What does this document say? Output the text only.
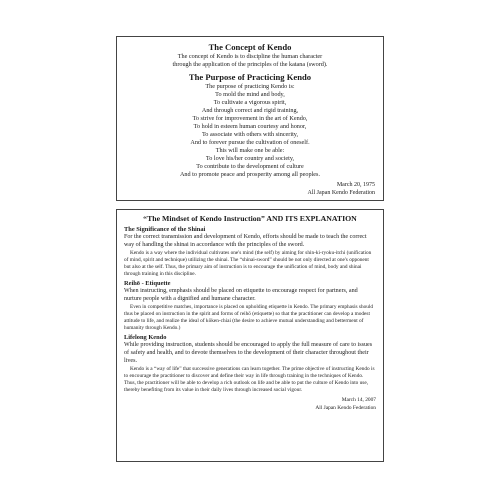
The Concept of Kendo

The concept of Kendo is to discipline the human character

through the application of the principles of the katana (sword).

The Purpose of Practicing Kendo

The purpose of practicing Kendo is:

To mold the mind and body,

To cultivate a vigorous spirit,

And through correct and rigid training,

To strive for improvement in the art of Kendo,

To hold in esteem human courtesy and honor,

To associate with others with sincerity,

And to forever pursue the cultivation of oneself.

This will make one be able:

To love his/her country and society,

To contribute to the development of culture

And to promote peace and prosperity among all peoples.

March 20, 1975

All Japan Kendo Federation

“The Mindset of Kendo Instruction” AND ITS EXPLANATION
The Significance of the Shinai

For the correct transmission and development of Kendo, efforts should be made to teach the correct way of handling the shinai in accordance with the principles of the sword.

Kendo is a way where the individual cultivates one's mind (the self) by aiming for shin-ki-ryoku-itchi (unification of mind, spirit and technique) utilizing the shinai. The “shinai-sword” should be not only directed at one's opponent but also at the self. Thus, the primary aim of instruction is to encourage the unification of mind, body and shinai through training in this discipline.

Reihō - Etiquette

When instructing, emphasis should be placed on etiquette to encourage respect for partners, and nurture people with a dignified and humane character.

Even in competitive matches, importance is placed on upholding etiquette in Kendo. The primary emphasis should thus be placed on instruction in the spirit and forms of reihō (etiquette) so that the practitioner can develop a modest attitude to life, and realize the ideal of kōken-chiai (the desire to achieve mutual understanding and betterment of humanity through Kendo.)

Lifelong Kendo

While providing instruction, students should be encouraged to apply the full measure of care to issues of safety and health, and to devote themselves to the development of their character throughout their lives.

Kendo is a “way of life” that successive generations can learn together. The prime objective of instructing Kendo is to encourage the practitioner to discover and define their way in life through training in the techniques of Kendo. Thus, the practitioner will be able to develop a rich outlook on life and be able to put the culture of Kendo into use, thereby benefiting from its value in their daily lives through increased social vigour.

March 14, 2007

All Japan Kendo Federation
